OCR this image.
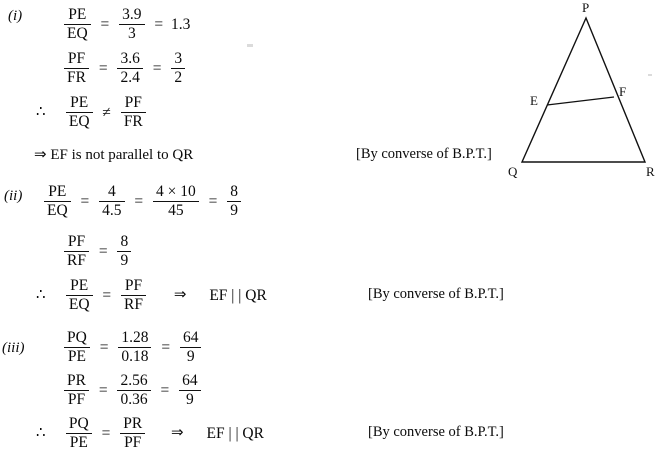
(i)	$\frac{PE}{EQ} = \frac{3.9}{3} = 1.3$
$\frac{PF}{FR} = \frac{3.6}{2.4} = \frac{3}{2}$
∴ $\frac{PE}{EQ} \ne \frac{PF}{FR}$
⇒ EF is not parallel to QR	[By converse of B.P.T.]
$(ii) \frac{PE}{EQ} = \frac{4}{4.5} = \frac{4 \times 10}{45} = \frac{8}{9}$
$\frac{PF}{RF} = \frac{8}{9}$
∴ $\frac{PE}{EQ} = \frac{PF}{RF}$ ⇒ EF | | QR	[By converse of B.P.T.]
(iii)	$\frac{PQ}{PE} = \frac{1.28}{0.18} = \frac{64}{9}$
$\frac{PR}{PF} = \frac{2.56}{0.36} = \frac{64}{9}$
∴ $\frac{PQ}{PE} = \frac{PR}{PF}$ ⇒ EF | | QR	[By converse of B.P.T.]
P
Q	R
E
F
